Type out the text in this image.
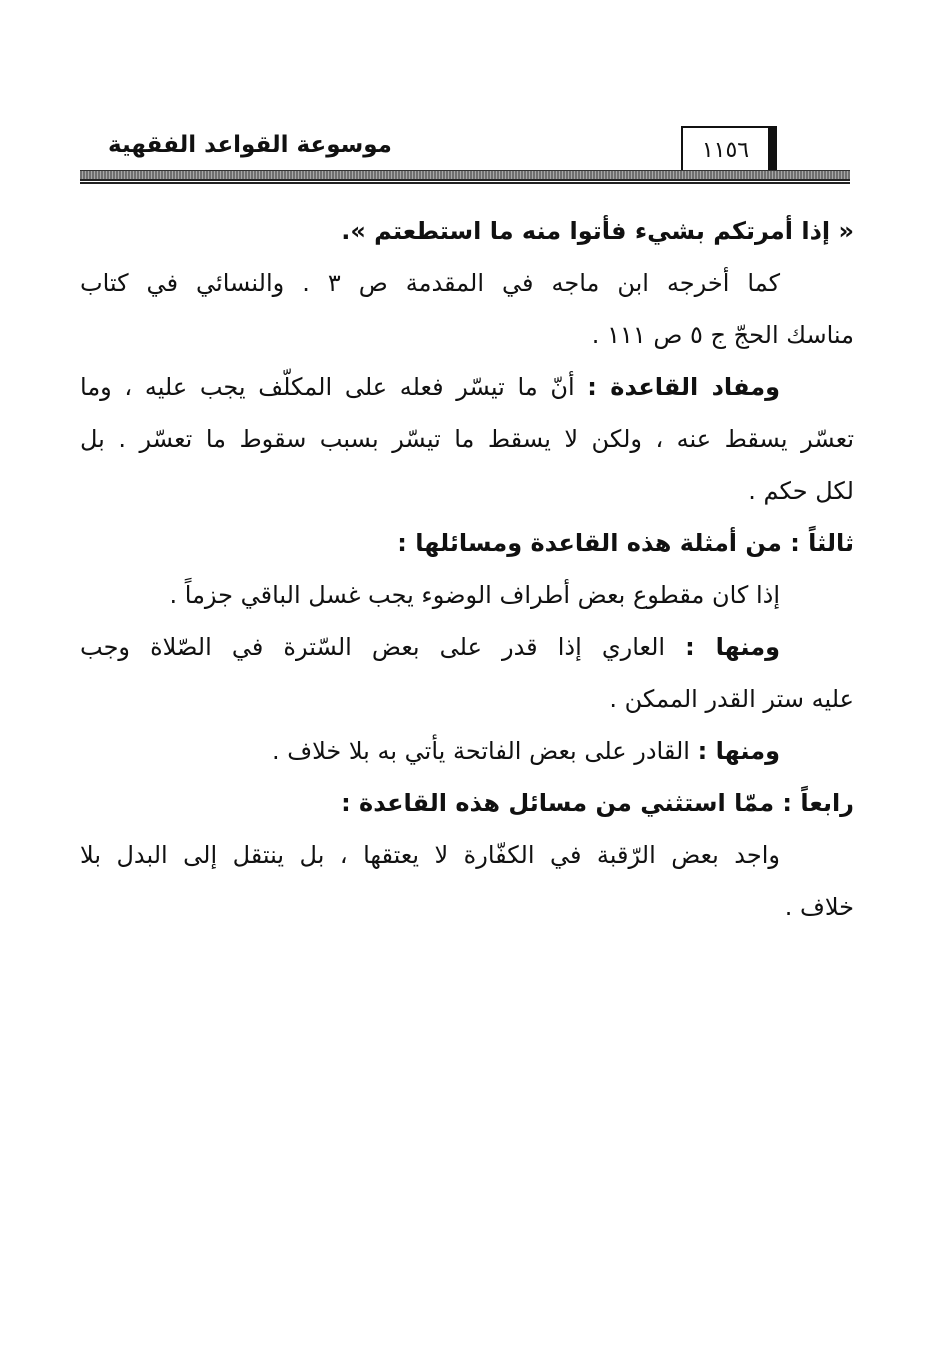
١١٥٦
موسوعة القواعد الفقهية
« إذا أمرتكم بشيء فأتوا منه ما استطعتم ».
كما أخرجه ابن ماجه في المقدمة ص ٣ . والنسائي في كتاب
مناسك الحجّ ج ٥ ص ١١١ .
ومفاد القاعدة : أنّ ما تيسّر فعله على المكلّف يجب عليه ، وما
تعسّر يسقط عنه ، ولكن لا يسقط ما تيسّر بسبب سقوط ما تعسّر . بل
لكل حكم .
ثالثاً : من أمثلة هذه القاعدة ومسائلها :
إذا كان مقطوع بعض أطراف الوضوء يجب غسل الباقي جزماً .
ومنها : العاري إذا قدر على بعض السّترة في الصّلاة وجب
عليه ستر القدر الممكن .
ومنها : القادر على بعض الفاتحة يأتي به بلا خلاف .
رابعاً : ممّا استثني من مسائل هذه القاعدة :
واجد بعض الرّقبة في الكفّارة لا يعتقها ، بل ينتقل إلى البدل بلا
خلاف .
